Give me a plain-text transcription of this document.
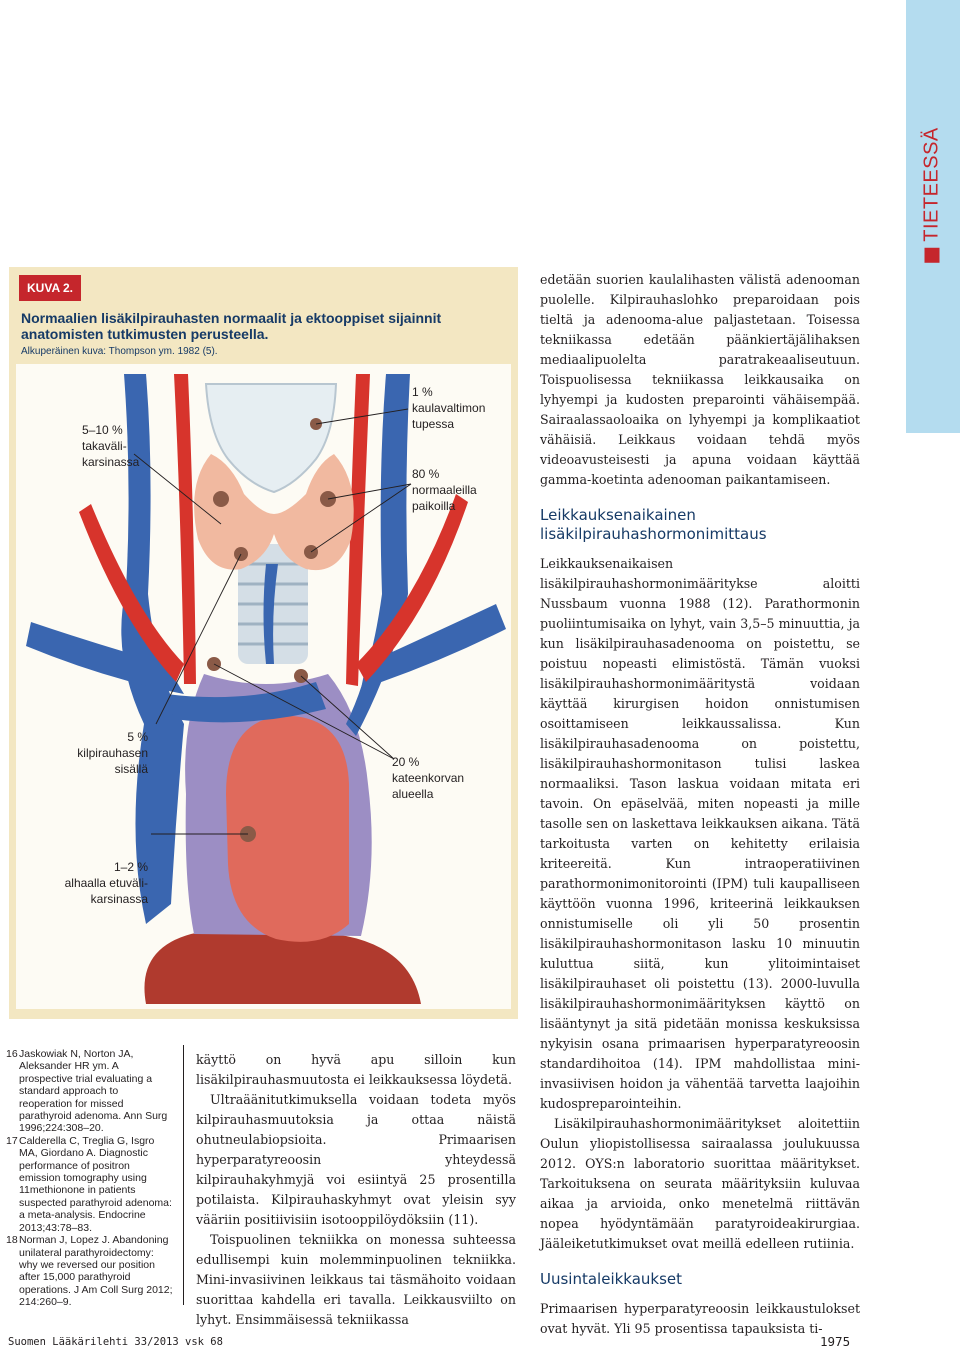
TIETEESSÄ
KUVA 2.
Normaalien lisäkilpirauhasten normaalit ja ektooppiset sijainnit anatomisten tutkimusten perusteella.
Alkuperäinen kuva: Thompson ym. 1982 (5).
5–10 %
takaväli-
karsinassa
5 %
kilpirauhasen
sisällä
1–2 %
alhaalla etuväli-
karsinassa
1 %
kaulavaltimon
tupessa
80 %
normaaleilla
paikoilla
20 %
kateenkorvan
alueella
16 Jaskowiak N, Norton JA, Aleksander HR ym. A prospective trial evaluating a standard approach to reoperation for missed parathyroid adenoma. Ann Surg 1996;224:308–20.
17 Calderella C, Treglia G, Isgro MA, Giordano A. Diagnostic performance of positron emission tomography using 11methionone in patients suspected parathyroid adenoma: a meta-analysis. Endocrine 2013;43:78–83.
18 Norman J, Lopez J. Abandoning unilateral parathyroidectomy: why we reversed our position after 15,000 parathyroid operations. J Am Coll Surg 2012; 214:260–9.

käyttö on hyvä apu silloin kun lisäkilpirauhasmuutosta ei leikkauksessa löydetä.

Ultraäänitutkimuksella voidaan todeta myös kilpirauhasmuutoksia ja ottaa näistä ohutneulabiopsioita. Primaarisen hyperparatyreoosin yhteydessä kilpirauhakyhmyjä voi esiintyä 25 prosentilla potilaista. Kilpirauhaskyhmyt ovat yleisin syy vääriin positiivisiin isotooppilöydöksiin (11).

Toispuolinen tekniikka on monessa suhteessa edullisempi kuin molemminpuolinen tekniikka. Mini-invasiivinen leikkaus tai täsmähoito voidaan suorittaa kahdella eri tavalla. Leikkausviilto on lyhyt. Ensimmäisessä tekniikassa

edetään suorien kaulalihasten välistä adenooman puolelle. Kilpirauhaslohko preparoidaan pois tieltä ja adenooma-alue paljastetaan. Toisessa tekniikassa edetään päänkiertäjälihaksen mediaalipuolelta paratrakeaaliseutuun. Toispuolisessa tekniikassa leikkausaika on lyhyempi ja kudosten preparointi vähäisempää. Sairaalassaoloaika on lyhyempi ja komplikaatiot vähäisiä. Leikkaus voidaan tehdä myös videoavusteisesti ja apuna voidaan käyttää gamma-koetinta adenooman paikantamiseen.

Leikkauksenaikainen lisäkilpirauhashormonimittaus

Leikkauksenaikaisen lisäkilpirauhashormonimääritykse aloitti Nussbaum vuonna 1988 (12). Parathormonin puoliintumisaika on lyhyt, vain 3,5–5 minuuttia, ja kun lisäkilpirauhasadenooma on poistettu, se poistuu nopeasti elimistöstä. Tämän vuoksi lisäkilpirauhashormonimääritystä voidaan käyttää kirurgisen hoidon onnistumisen osoittamiseen leikkaussalissa. Kun lisäkilpirauhasadenooma on poistettu, lisäkilpirauhashormonitason tulisi laskea normaaliksi. Tason laskua voidaan mitata eri tavoin. On epäselvää, miten nopeasti ja mille tasolle sen on laskettava leikkauksen aikana. Tätä tarkoitusta varten on kehitetty erilaisia kriteereitä. Kun intraoperatiivinen parathormonimonitorointi (IPM) tuli kaupalliseen käyttöön vuonna 1996, kriteerinä leikkauksen onnistumiselle oli yli 50 prosentin lisäkilpirauhashormonitason lasku 10 minuutin kuluttua siitä, kun ylitoimintaiset lisäkilpirauhaset oli poistettu (13). 2000-luvulla lisäkilpirauhashormonimäärityksen käyttö on lisääntynyt ja sitä pidetään monissa keskuksissa nykyisin osana primaarisen hyperparatyreoosin standardihoitoa (14). IPM mahdollistaa mini-invasiivisen hoidon ja vähentää tarvetta laajoihin kudospreparointeihin.

Lisäkilpirauhashormonimääritykset aloitettiin Oulun yliopistollisessa sairaalassa joulukuussa 2012. OYS:n laboratorio suorittaa määritykset. Tarkoituksena on seurata määrityksiin kuluvaa aikaa ja arvioida, onko menetelmä riittävän nopea hyödyntämään paratyroideakirurgiaa. Jääleiketutkimukset ovat meillä edelleen rutiinia.

Uusintaleikkaukset

Primaarisen hyperparatyreoosin leikkaustulokset ovat hyvät. Yli 95 prosentissa tapauksista ti-

Suomen Lääkärilehti 33/2013 vsk 68	1975
